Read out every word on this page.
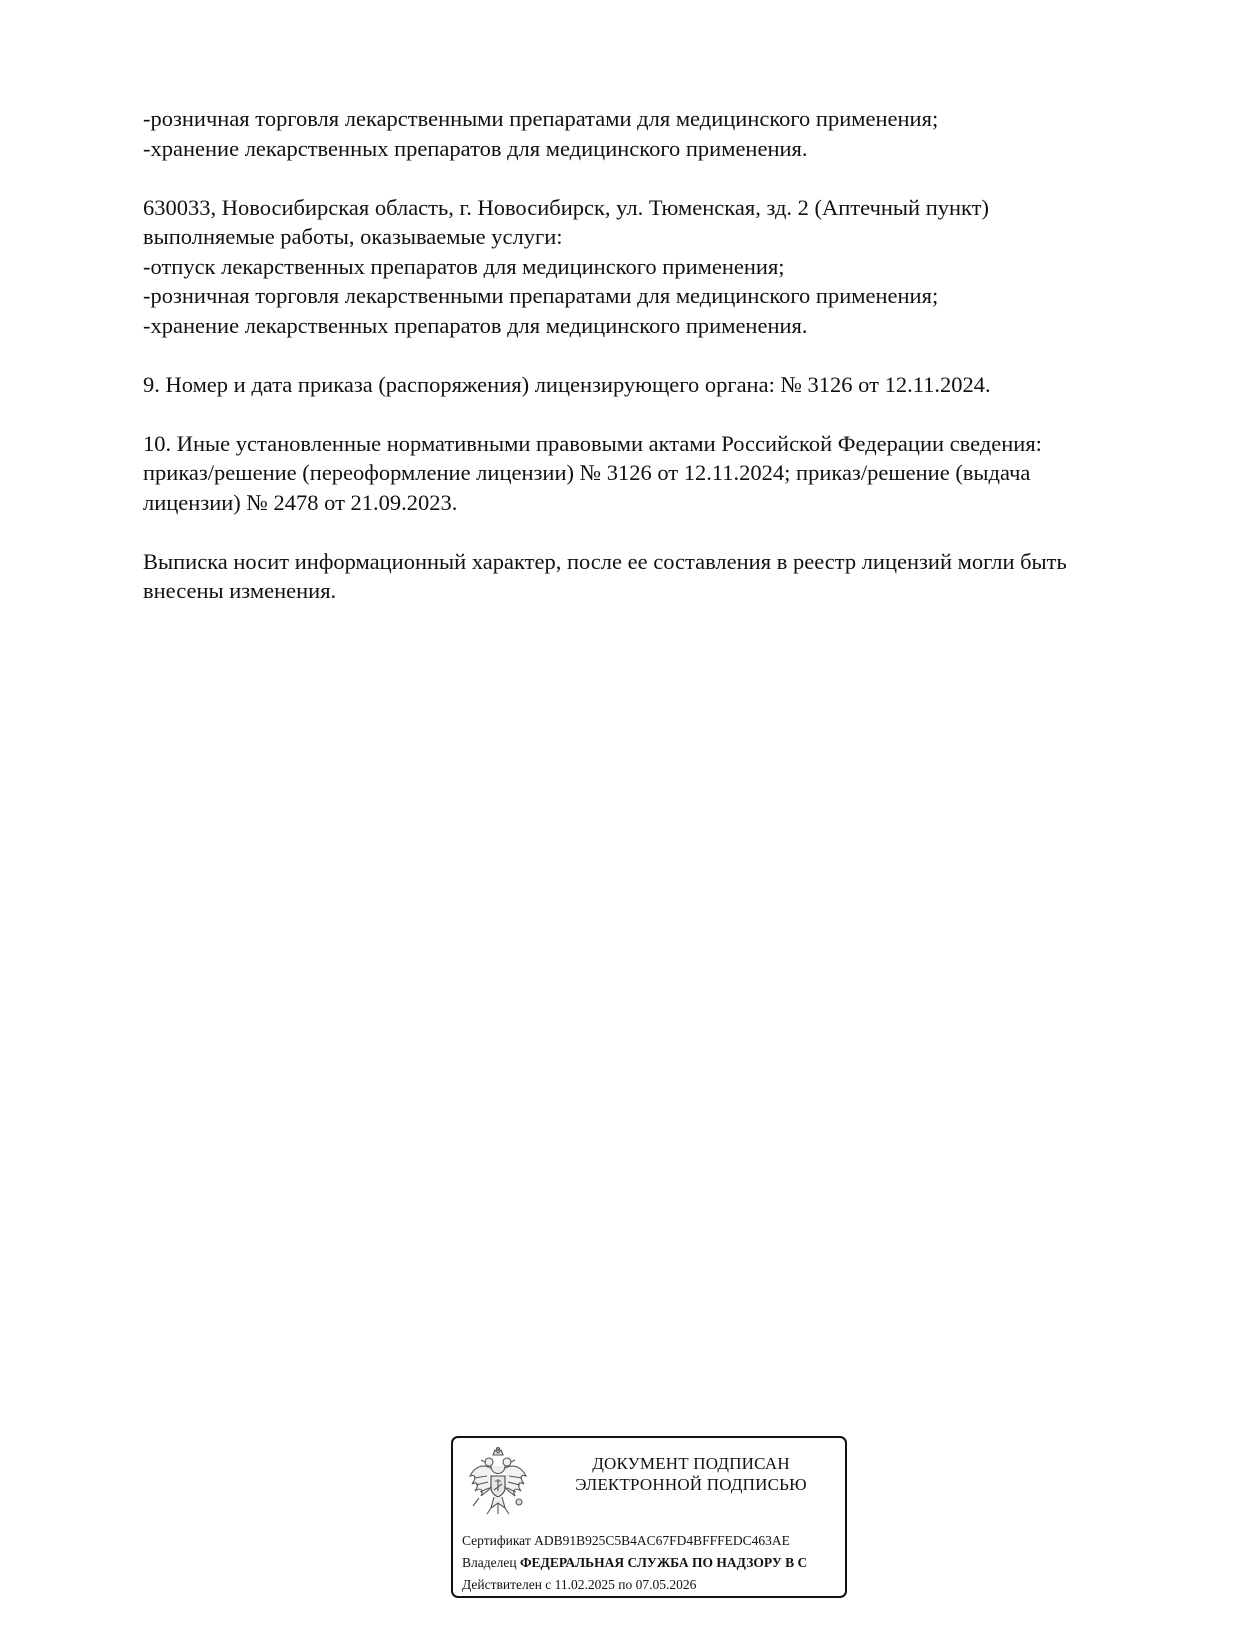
-розничная торговля лекарственными препаратами для медицинского применения;
-хранение лекарственных препаратов для медицинского применения.
630033, Новосибирская область, г. Новосибирск, ул. Тюменская, зд. 2 (Аптечный пункт)
выполняемые работы, оказываемые услуги:
-отпуск лекарственных препаратов для медицинского применения;
-розничная торговля лекарственными препаратами для медицинского применения;
-хранение лекарственных препаратов для медицинского применения.
9. Номер и дата приказа (распоряжения) лицензирующего органа: № 3126 от 12.11.2024.
10. Иные установленные нормативными правовыми актами Российской Федерации сведения:
приказ/решение (переоформление лицензии) № 3126 от 12.11.2024; приказ/решение (выдача
лицензии) № 2478 от 21.09.2023.
Выписка носит информационный характер, после ее составления в реестр лицензий могли быть
внесены изменения.
ДОКУМЕНТ ПОДПИСАН
ЭЛЕКТРОННОЙ ПОДПИСЬЮ
Сертификат ADB91B925C5B4AC67FD4BFFFEDC463AE
Владелец ФЕДЕРАЛЬНАЯ СЛУЖБА ПО НАДЗОРУ В С
Действителен с 11.02.2025 по 07.05.2026
